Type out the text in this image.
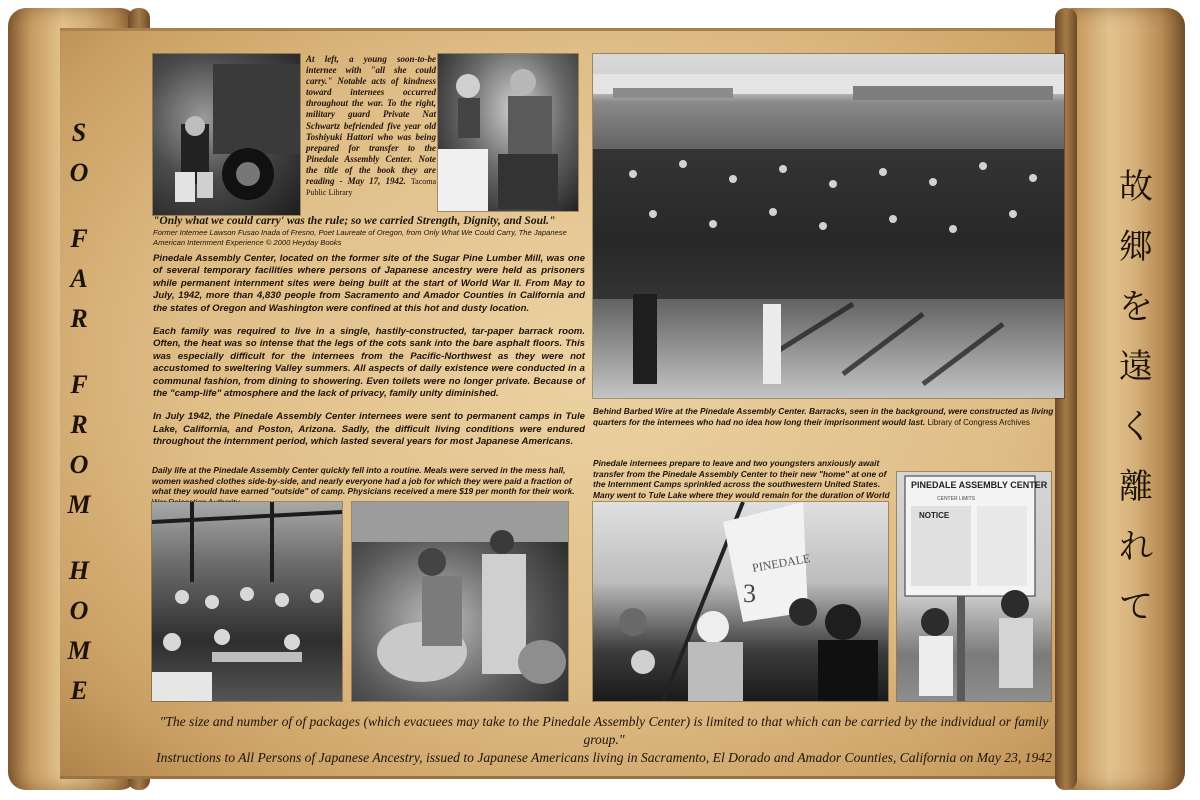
S
O
F
A
R
F
R
O
M
H
O
M
E
故
郷
を
遠
く
離
れ
て
At left, a young soon-to-be internee with "all she could carry." Notable acts of kindness toward internees occurred throughout the war. To the right, military guard Private Nat Schwartz befriended five year old Toshiyuki Hattori who was being prepared for transfer to the Pinedale Assembly Center. Note the title of the book they are reading - May 17, 1942. Tacoma Public Library
"Only what we could carry' was the rule; so we carried Strength, Dignity, and Soul."
Former Internee Lawson Fusao Inada of Fresno, Poet Laureate of Oregon, from Only What We Could Carry, The Japanese American Internment Experience © 2000 Heyday Books

Pinedale Assembly Center, located on the former site of the Sugar Pine Lumber Mill, was one of several temporary facilities where persons of Japanese ancestry were held as prisoners while permanent internment sites were being built at the start of World War II. From May to July, 1942, more than 4,830 people from Sacramento and Amador Counties in California and the states of Oregon and Washington were confined at this hot and dusty location.

Each family was required to live in a single, hastily-constructed, tar-paper barrack room. Often, the heat was so intense that the legs of the cots sank into the bare asphalt floors. This was especially difficult for the internees from the Pacific-Northwest as they were not accustomed to sweltering Valley summers. All aspects of daily existence were conducted in a communal fashion, from dining to showering. Even toilets were no longer private. Because of the "camp-life" atmosphere and the lack of privacy, family unity diminished.

In July 1942, the Pinedale Assembly Center internees were sent to permanent camps in Tule Lake, California, and Poston, Arizona. Sadly, the difficult living conditions were endured throughout the internment period, which lasted several years for most Japanese Americans.

Behind Barbed Wire at the Pinedale Assembly Center. Barracks, seen in the background, were constructed as living quarters for the internees who had no idea how long their imprisonment would last. Library of Congress Archives
Daily life at the Pinedale Assembly Center quickly fell into a routine. Meals were served in the mess hall, women washed clothes side-by-side, and nearly everyone had a job for which they were paid a fraction of what they would have earned "outside" of camp. Physicians received a mere $19 per month for their work.
Pinedale internees prepare to leave and two youngsters anxiously await transfer from the Pinedale Assembly Center to their new "home" at one of the Internment Camps sprinkled across the southwestern United States. Many went to Tule Lake where they would remain for the duration of World
PINEDALE
3
PINEDALE ASSEMBLY CENTER
CENTER LIMITS
NOTICE
"The size and number of of packages (which evacuees may take to the Pinedale Assembly Center) is limited to that which can be carried by the individual or family group."
Instructions to All Persons of Japanese Ancestry, issued to Japanese Americans living in Sacramento, El Dorado and Amador Counties, California on May 23, 1942
